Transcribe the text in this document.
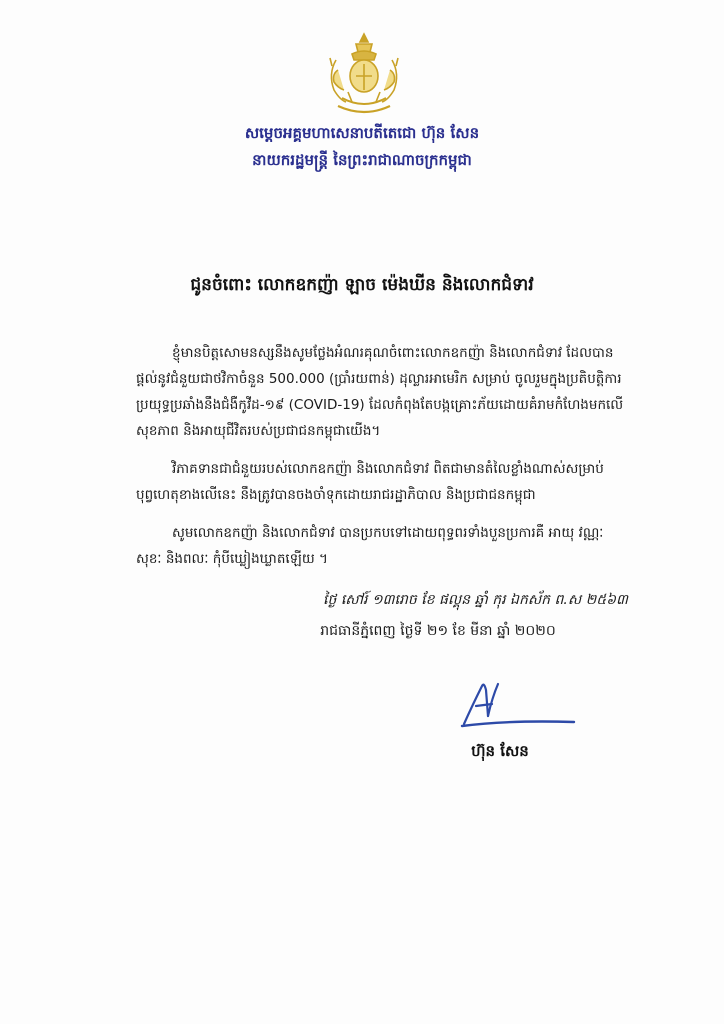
សម្តេចអគ្គមហាសេនាបតីតេជោ ហ៊ុន សែន
នាយករដ្ឋមន្ត្រី នៃព្រះរាជាណាចក្រកម្ពុជា
ជូនចំពោះ លោកឧកញ៉ា ឡាច ម៉េងឃីន និងលោកជំទាវ
ខ្ញុំមានបិត្តសោមនស្សនឹងសូមថ្លែងអំណរគុណចំពោះលោកឧកញ៉ា និងលោកជំទាវ ដែលបាន
ផ្តល់នូវជំនួយជាថវិកាចំនួន 500.000 (ប្រាំរយពាន់) ដុល្លារអាមេរិក សម្រាប់ ចូលរួមក្នុងប្រតិបត្តិការ
ប្រយុទ្ធប្រឆាំងនឹងជំងឺកូវីដ-១៩ (COVID-19) ដែលកំពុងតែបង្កគ្រោះភ័យដោយគំរាមកំហែងមកលើ
សុខភាព និងអាយុជីវិតរបស់ប្រជាជនកម្ពុជាយើង។
វិភាគទានជាជំនួយរបស់លោកឧកញ៉ា និងលោកជំទាវ ពិតជាមានតំលៃខ្លាំងណាស់សម្រាប់
បុព្វហេតុខាងលើនេះ នឹងត្រូវបានចងចាំទុកដោយរាជរដ្ឋាភិបាល និងប្រជាជនកម្ពុជា
សូមលោកឧកញ៉ា និងលោកជំទាវ បានប្រកបទៅដោយពុទ្ធពរទាំងបួនប្រការគឺ អាយុ វណ្ណៈ
សុខៈ និងពលៈ កុំបីឃ្លៀងឃ្លាតឡើយ ។
ថ្ងៃ សៅរ៍ ១៣រោច ខែ ផល្គុន ឆ្នាំ កុរ ឯកស័ក ព.ស ២៥៦៣
រាជធានីភ្នំពេញ ថ្ងៃទី ២១ ខែ មីនា ឆ្នាំ ២០២០
ហ៊ុន សែន
